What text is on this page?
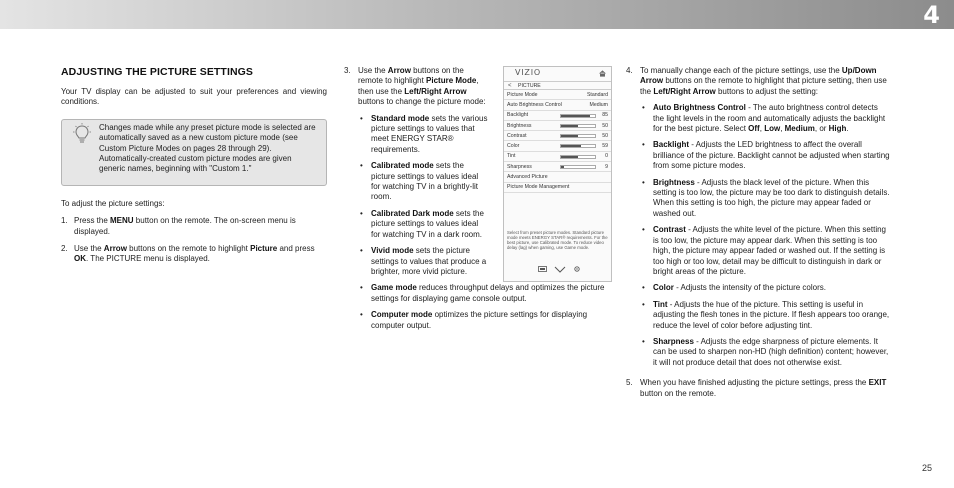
4
ADJUSTING THE PICTURE SETTINGS

Your TV display can be adjusted to suit your preferences and viewing conditions.

Changes made while any preset picture mode is selected are automatically saved as a new custom picture mode (see Custom Picture Modes on pages 28 through 29). Automatically-created custom picture modes are given generic names, beginning with "Custom 1."

To adjust the picture settings:

1. Press the MENU button on the remote. The on-screen menu is displayed.
2. Use the Arrow buttons on the remote to highlight Picture and press OK. The PICTURE menu is displayed.
3. Use the Arrow buttons on the remote to highlight Picture Mode, then use the Left/Right Arrow buttons to change the picture mode:
• Standard mode sets the various picture settings to values that meet ENERGY STAR® requirements.
• Calibrated mode sets the picture settings to values ideal for watching TV in a brightly-lit room.
• Calibrated Dark mode sets the picture settings to values ideal for watching TV in a dark room.
• Vivid mode sets the picture settings to values that produce a brighter, more vivid picture.
• Game mode reduces throughput delays and optimizes the picture settings for displaying game console output.
• Computer mode optimizes the picture settings for displaying computer output.
VIZIO
< PICTURE
Picture Mode	Standard
Auto Brightness Control	Medium
Backlight	85
Brightness	50
Contrast	50
Color	59
Tint	0
Sharpness	9
Advanced Picture
Picture Mode Management
Select from preset picture modes. Standard picture mode meets ENERGY STAR® requirements. For the best picture, use Calibrated mode. To reduce video delay (lag) when gaming, use Game mode.
4. To manually change each of the picture settings, use the Up/Down Arrow buttons on the remote to highlight that picture setting, then use the Left/Right Arrow buttons to adjust the setting:
• Auto Brightness Control - The auto brightness control detects the light levels in the room and automatically adjusts the backlight for the best picture. Select Off, Low, Medium, or High.
• Backlight - Adjusts the LED brightness to affect the overall brilliance of the picture. Backlight cannot be adjusted when starting from some picture modes.
• Brightness - Adjusts the black level of the picture. When this setting is too low, the picture may be too dark to distinguish details. When this setting is too high, the picture may appear faded or washed out.
• Contrast - Adjusts the white level of the picture. When this setting is too low, the picture may appear dark. When this setting is too high, the picture may appear faded or washed out. If the setting is too high or too low, detail may be difficult to distinguish in dark or bright areas of the picture.
• Color - Adjusts the intensity of the picture colors.
• Tint - Adjusts the hue of the picture. This setting is useful in adjusting the flesh tones in the picture. If flesh appears too orange, reduce the level of color before adjusting tint.
• Sharpness - Adjusts the edge sharpness of picture elements. It can be used to sharpen non-HD (high definition) content; however, it will not produce detail that does not otherwise exist.
5. When you have finished adjusting the picture settings, press the EXIT button on the remote.
25
